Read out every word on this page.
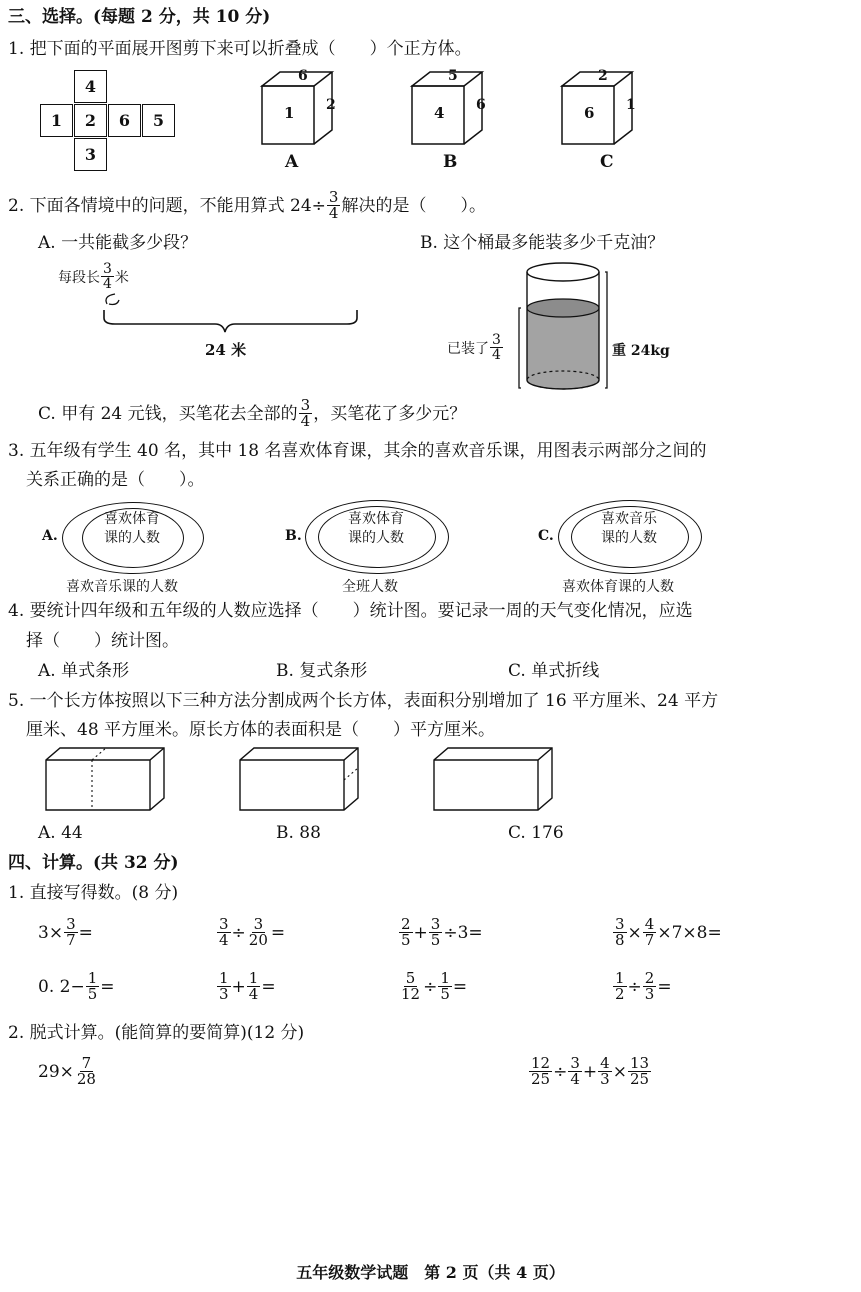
三、选择。(每题 2 分，共 10 分)
1. 把下面的平面展开图剪下来可以折叠成（　　）个正方体。
4
1	2	6	5
3
6
1 2
A
5
4 6
B
2
6 1
C
2. 下面各情境中的问题，不能用算式 $24\div \frac{3}{4}$ 解决的是（　　）。
A. 一共能截多少段？	B. 这个桶最多能装多少千克油？
每段长 $\frac{3}{4}$ 米
24 米	已装了 $\frac{3}{4}$	重 24kg
C. 甲有 24 元钱，买笔花去全部的 $\frac{3}{4}$ ，买笔花了多少元？
3. 五年级有学生 40 名，其中 18 名喜欢体育课，其余的喜欢音乐课，用图表示两部分之间的
关系正确的是（　　）。
A.
喜欢体育
课的人数
喜欢音乐课的人数
B.
喜欢体育
课的人数
全班人数
C.
喜欢音乐
课的人数
喜欢体育课的人数
4. 要统计四年级和五年级的人数应选择（　　）统计图。要记录一周的天气变化情况，应选
择（　　）统计图。
A. 单式条形	B. 复式条形	C. 单式折线
5. 一个长方体按照以下三种方法分割成两个长方体，表面积分别增加了 16 平方厘米、24 平方
厘米、48 平方厘米。原长方体的表面积是（　　）平方厘米。
A. 44	B. 88	C. 176
四、计算。(共 32 分)
1. 直接写得数。(8 分)
$3\times \frac{3}{7}$ =	$\frac{3}{4} \div \frac{3}{20}$ =	$\frac{2}{5} + \frac{3}{5} \div 3=$	$\frac{3}{8} \times \frac{4}{7} \times 7\times 8=$
0. $2- \frac{1}{5}$ =	$\frac{1}{3} + \frac{1}{4}$ =	$\frac{5}{12} \div \frac{1}{5}$ =	$\frac{1}{2} \div \frac{2}{3}$ =
2. 脱式计算。(能简算的要简算)(12 分)
$29\times \frac{7}{28}$	$\frac{12}{25} \div \frac{3}{4} + \frac{4}{3} \times \frac{13}{25}$
五年级数学试题　第 2 页（共 4 页）
